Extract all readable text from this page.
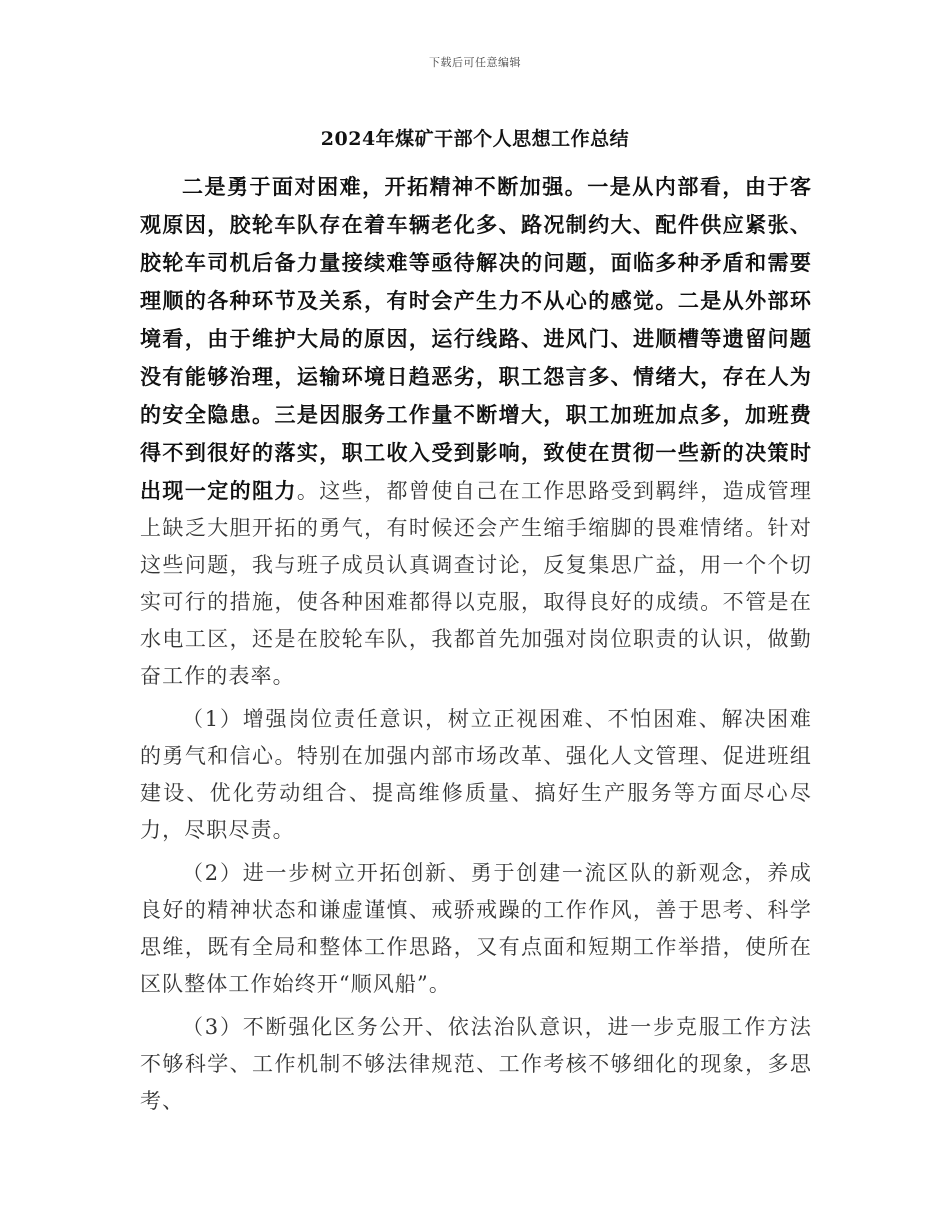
下载后可任意编辑
2024年煤矿干部个人思想工作总结

二是勇于面对困难，开拓精神不断加强。一是从内部看，由于客观原因，胶轮车队存在着车辆老化多、路况制约大、配件供应紧张、胶轮车司机后备力量接续难等亟待解决的问题，面临多种矛盾和需要理顺的各种环节及关系，有时会产生力不从心的感觉。二是从外部环境看，由于维护大局的原因，运行线路、进风门、进顺槽等遗留问题没有能够治理，运输环境日趋恶劣，职工怨言多、情绪大，存在人为的安全隐患。三是因服务工作量不断增大，职工加班加点多，加班费得不到很好的落实，职工收入受到影响，致使在贯彻一些新的决策时出现一定的阻力。这些，都曾使自己在工作思路受到羁绊，造成管理上缺乏大胆开拓的勇气，有时候还会产生缩手缩脚的畏难情绪。针对这些问题，我与班子成员认真调查讨论，反复集思广益，用一个个切实可行的措施，使各种困难都得以克服，取得良好的成绩。不管是在水电工区，还是在胶轮车队，我都首先加强对岗位职责的认识，做勤奋工作的表率。

（1）增强岗位责任意识，树立正视困难、不怕困难、解决困难的勇气和信心。特别在加强内部市场改革、强化人文管理、促进班组建设、优化劳动组合、提高维修质量、搞好生产服务等方面尽心尽力，尽职尽责。

（2）进一步树立开拓创新、勇于创建一流区队的新观念，养成良好的精神状态和谦虚谨慎、戒骄戒躁的工作作风，善于思考、科学思维，既有全局和整体工作思路，又有点面和短期工作举措，使所在区队整体工作始终开“顺风船”。

（3）不断强化区务公开、依法治队意识，进一步克服工作方法不够科学、工作机制不够法律规范、工作考核不够细化的现象，多思考、
